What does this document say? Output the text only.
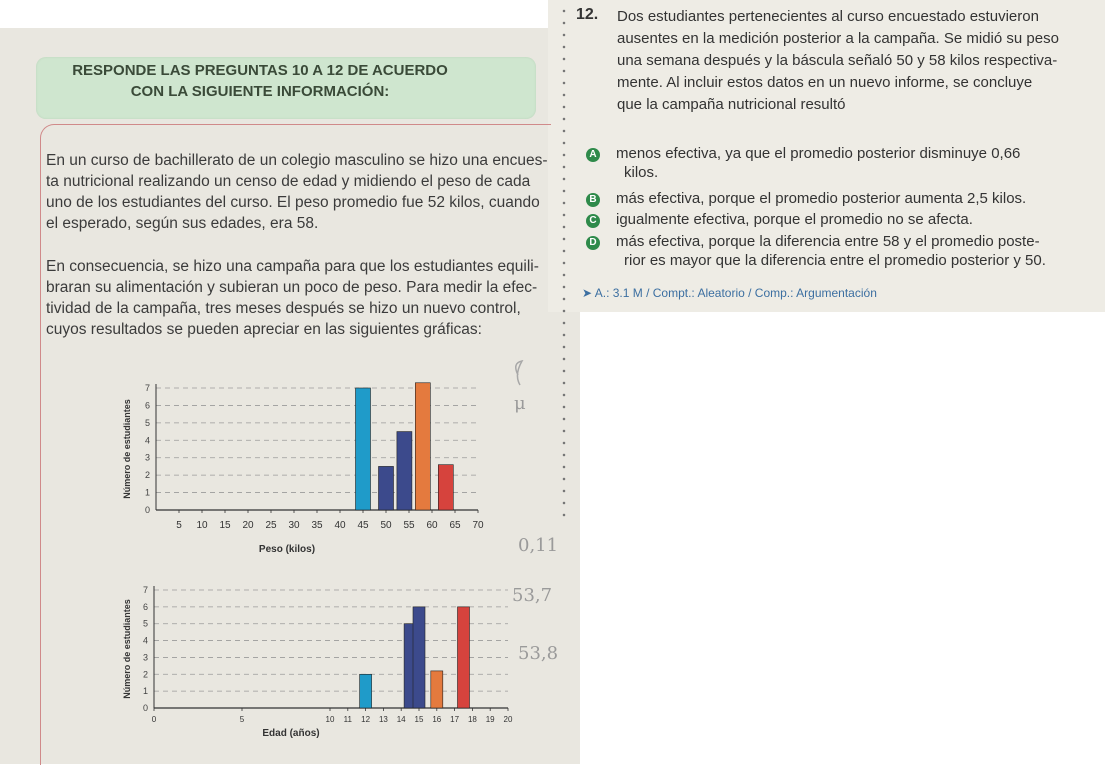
RESPONDE LAS PREGUNTAS 10 A 12 DE ACUERDO
CON LA SIGUIENTE INFORMACIÓN:
En un curso de bachillerato de un colegio masculino se hizo una encues-
ta nutricional realizando un censo de edad y midiendo el peso de cada
uno de los estudiantes del curso. El peso promedio fue 52 kilos, cuando
el esperado, según sus edades, era 58.
En consecuencia, se hizo una campaña para que los estudiantes equili-
braran su alimentación y subieran un poco de peso. Para medir la efec-
tividad de la campaña, tres meses después se hizo un nuevo control,
cuyos resultados se pueden apreciar en las siguientes gráficas:
12. Dos estudiantes pertenecientes al curso encuestado estuvieron
ausentes en la medición posterior a la campaña. Se midió su peso
una semana después y la báscula señaló 50 y 58 kilos respectiva-
mente. Al incluir estos datos en un nuevo informe, se concluye
que la campaña nutricional resultó
A menos efectiva, ya que el promedio posterior disminuye 0,66
kilos.
B más efectiva, porque el promedio posterior aumenta 2,5 kilos.
C igualmente efectiva, porque el promedio no se afecta.
D más efectiva, porque la diferencia entre 58 y el promedio poste-
rior es mayor que la diferencia entre el promedio posterior y 50.
➤ A.: 3.1 M / Compt.: Aleatorio / Comp.: Argumentación
0
1
2
3
4
5
6
7
5 10 15 20 25 30 35 40 45 50 55 60 65 70
Peso (kilos)
Número de estudiantes
0
1
2
3
4
5
6
7
0	5	10 11 12 13 14 15 16 17 18 19 20
Edad (años)
Número de estudiantes
μ
0,11
53,7
53,8
